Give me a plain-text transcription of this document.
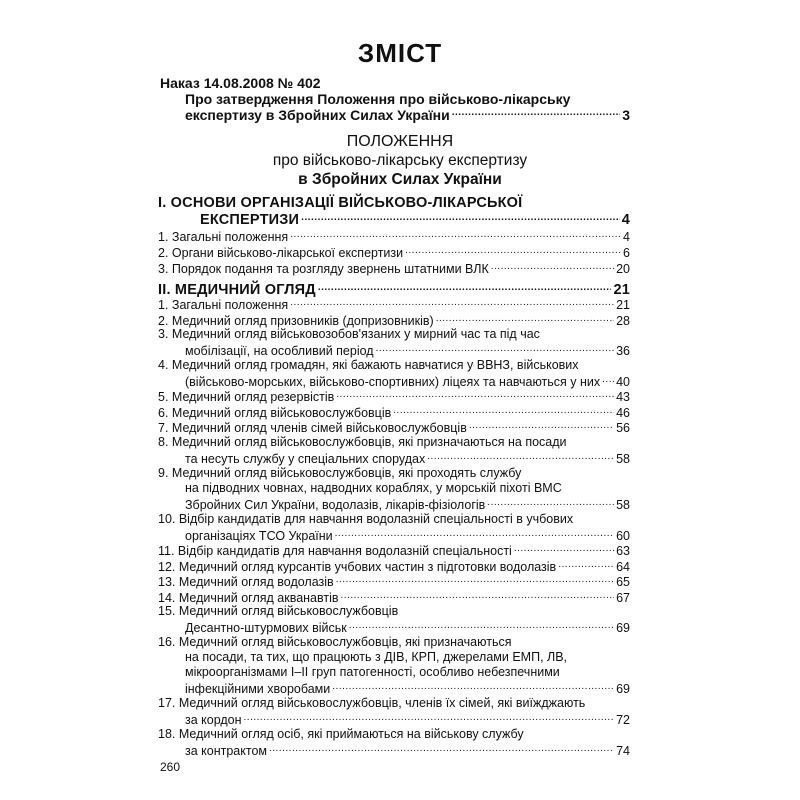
ЗМІСТ
Наказ 14.08.2008 № 402
Про затвердження Положення про військово-лікарську
експертизу в Збройних Силах України .....	3
ПОЛОЖЕННЯ
про військово-лікарську експертизу
в Збройних Силах України
I. ОСНОВИ ОРГАНІЗАЦІЇ ВІЙСЬКОВО-ЛІКАРСЬКОЇ
ЕКСПЕРТИЗИ .....	4
1. Загальні положення .....	4
2. Органи військово-лікарської експертизи .....	6
3. Порядок подання та розгляду звернень штатними ВЛК .....	20
II. МЕДИЧНИЙ ОГЛЯД .....	21
1. Загальні положення .....	21
2. Медичний огляд призовників (допризовників) .....	28
3. Медичний огляд військовозобов'язаних у мирний час та під час
мобілізації, на особливий період .....	36
4. Медичний огляд громадян, які бажають навчатися у ВВНЗ, військових
(військово-морських, військово-спортивних) ліцеях та навчаються у них ..... 40
5. Медичний огляд резервістів .....	43
6. Медичний огляд військовослужбовців .....	46
7. Медичний огляд членів сімей військовослужбовців .....	56
8. Медичний огляд військовослужбовців, які призначаються на посади
та несуть службу у спеціальних спорудах .....	58
9. Медичний огляд військовослужбовців, які проходять службу
на підводних човнах, надводних кораблях, у морській піхоті ВМС
Збройних Сил України, водолазів, лікарів-фізіологів .....	58
10. Відбір кандидатів для навчання водолазній спеціальності в учбових
організаціях ТСО України .....	60
11. Відбір кандидатів для навчання водолазній спеціальності .....	63
12. Медичний огляд курсантів учбових частин з підготовки водолазів .....	64
13. Медичний огляд водолазів .....	65
14. Медичний огляд акванавтів .....	67
15. Медичний огляд військовослужбовців
Десантно-штурмових військ .....	69
16. Медичний огляд військовослужбовців, які призначаються
на посади, та тих, що працюють з ДІВ, КРП, джерелами ЕМП, ЛВ,
мікроорганізмами I–II груп патогенності, особливо небезпечними
інфекційними хворобами .....	69
17. Медичний огляд військовослужбовців, членів їх сімей, які виїжджають
за кордон .....	72
18. Медичний огляд осіб, які приймаються на військову службу
за контрактом .....	74
260
